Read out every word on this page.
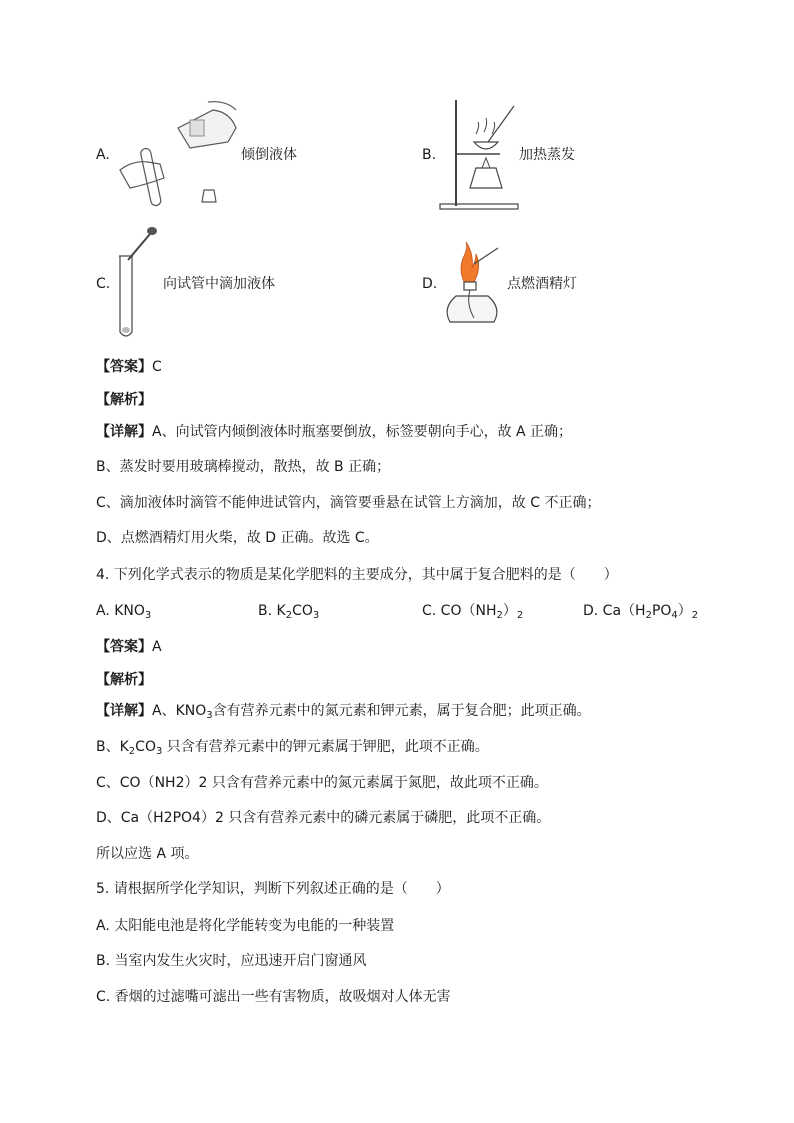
A.	倾倒液体	B.	加热蒸发
C.	向试管中滴加液体	D.	点燃酒精灯
【答案】C
【解析】
【详解】A、向试管内倾倒液体时瓶塞要倒放，标签要朝向手心，故 A 正确；
B、蒸发时要用玻璃棒搅动，散热，故 B 正确；
C、滴加液体时滴管不能伸进试管内，滴管要垂悬在试管上方滴加，故 C 不正确；
D、点燃酒精灯用火柴，故 D 正确。故选 C。
4. 下列化学式表示的物质是某化学肥料的主要成分，其中属于复合肥料的是（　　）
A. $KNO_3$	B. $K_2CO_3$	C. $CO(NH_2)_2$	D. $Ca(H_2PO_4)_2$
【答案】A
【解析】
【详解】A、$KNO_3$含有营养元素中的氮元素和钾元素，属于复合肥；此项正确。
B、$K_2CO_3$ 只含有营养元素中的钾元素属于钾肥，此项不正确。
C、CO（NH2）2 只含有营养元素中的氮元素属于氮肥，故此项不正确。
D、Ca（H2PO4）2 只含有营养元素中的磷元素属于磷肥，此项不正确。
所以应选 A 项。
5. 请根据所学化学知识，判断下列叙述正确的是（　　）
A. 太阳能电池是将化学能转变为电能的一种装置
B. 当室内发生火灾时，应迅速开启门窗通风
C. 香烟的过滤嘴可滤出一些有害物质，故吸烟对人体无害
